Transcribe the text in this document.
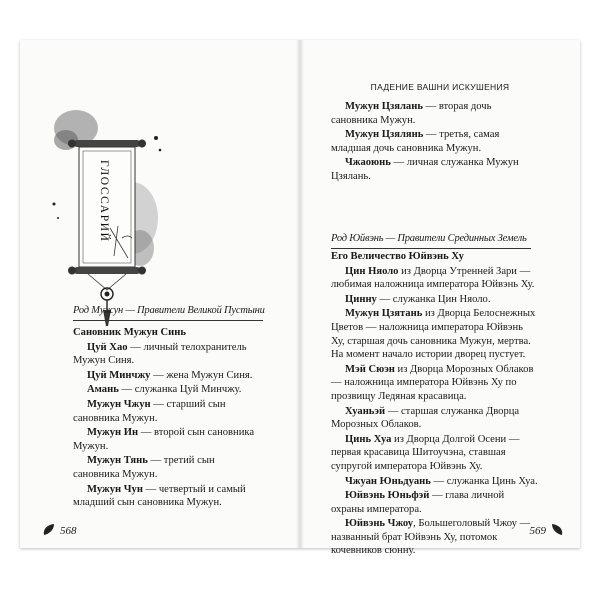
ГЛОССАРИЙ
Род Мужун — Правители Великой Пустыни

Сановник Мужун Синь

Цуй Хао — личный телохранитель Мужун Синя.

Цуй Минчжу — жена Мужун Синя.

Амань — служанка Цуй Минчжу.

Мужун Чжун — старший сын сановника Мужун.

Мужун Ин — второй сын сановника Мужун.

Мужун Тянь — третий сын сановника Мужун.

Мужун Чун — четвертый и самый младший сын сановника Мужун.

568
ПАДЕНИЕ ВАШНИ ИСКУШЕНИЯ

Мужун Цзялань — вторая дочь сановника Мужун.

Мужун Цзялянь — третья, самая младшая дочь сановника Мужун.

Чжаоюнь — личная служанка Мужун Цзялань.

Род Юйвэнь — Правители Срединных Земель

Его Величество Юйвэнь Ху

Цин Няоло из Дворца Утренней Зари — любимая наложница императора Юйвэнь Ху.

Цинну — служанка Цин Няоло.

Мужун Цзятань из Дворца Белоснежных Цветов — наложница императора Юйвэнь Ху, старшая дочь сановника Мужун, мертва. На момент начало истории дворец пустует.

Мэй Сюэн из Дворца Морозных Облаков — наложница императора Юйвэнь Ху по прозвищу Ледяная красавица.

Хуаньэй — старшая служанка Дворца Морозных Облаков.

Цинь Хуа из Дворца Долгой Осени — первая красавица Шитоучэна, ставшая супругой императора Юйвэнь Ху.

Чжуан Юньдуань — служанка Цинь Хуа.

Юйвэнь Юньфэй — глава личной охраны императора.

Юйвэнь Чжоу, Большеголовый Чжоу — названный брат Юйвэнь Ху, потомок кочевников сюнну.

569
